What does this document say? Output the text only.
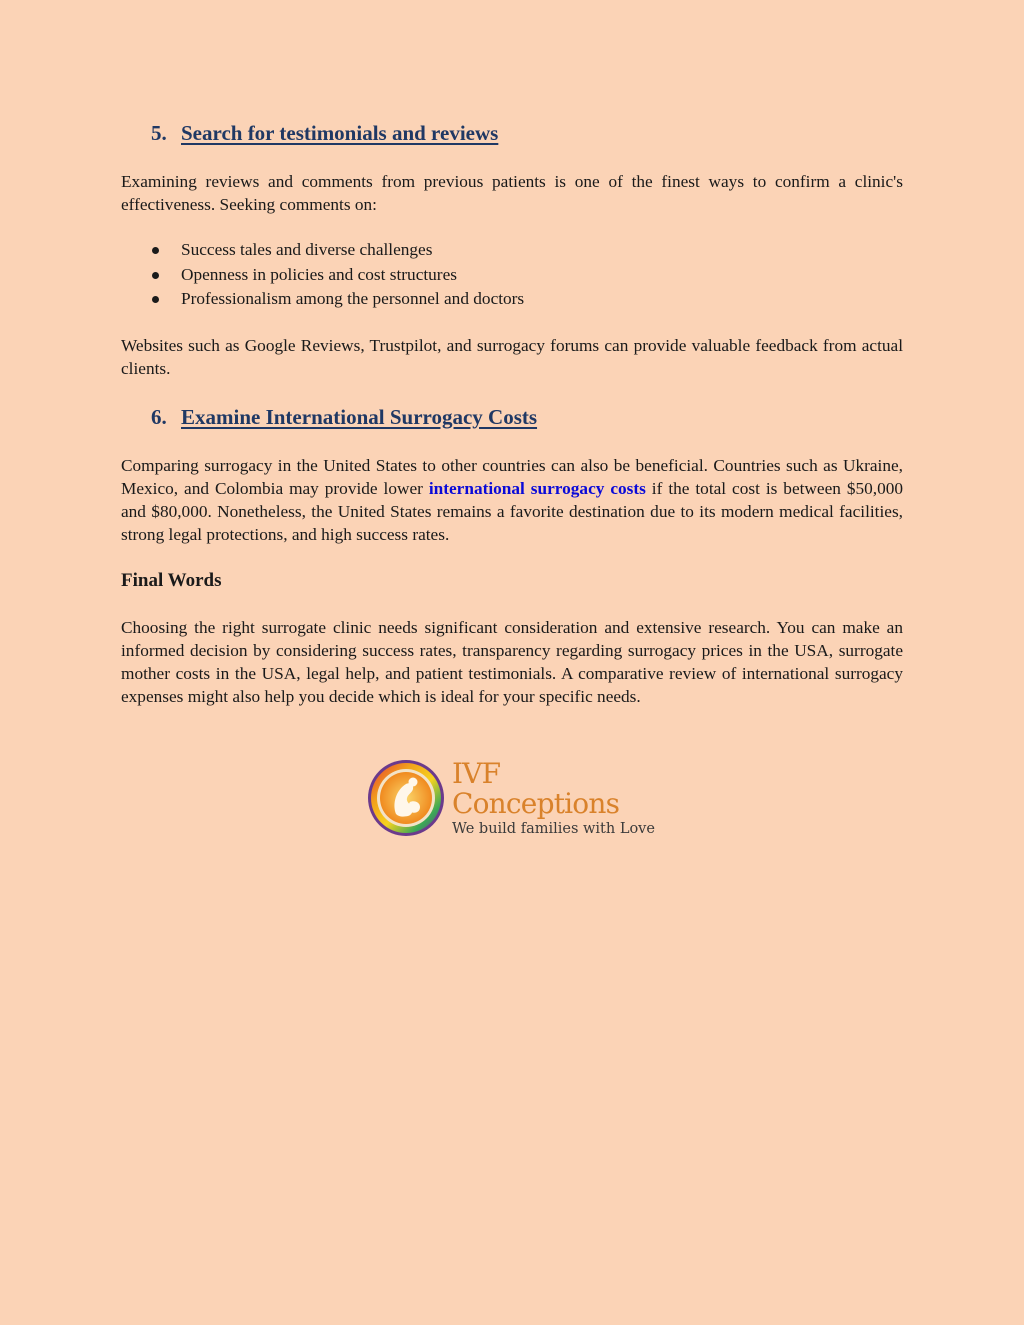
5. Search for testimonials and reviews

Examining reviews and comments from previous patients is one of the finest ways to confirm a clinic's effectiveness. Seeking comments on:

Success tales and diverse challenges
Openness in policies and cost structures
Professionalism among the personnel and doctors

Websites such as Google Reviews, Trustpilot, and surrogacy forums can provide valuable feedback from actual clients.

6. Examine International Surrogacy Costs

Comparing surrogacy in the United States to other countries can also be beneficial. Countries such as Ukraine, Mexico, and Colombia may provide lower international surrogacy costs if the total cost is between $50,000 and $80,000. Nonetheless, the United States remains a favorite destination due to its modern medical facilities, strong legal protections, and high success rates.

Final Words

Choosing the right surrogate clinic needs significant consideration and extensive research. You can make an informed decision by considering success rates, transparency regarding surrogacy prices in the USA, surrogate mother costs in the USA, legal help, and patient testimonials. A comparative review of international surrogacy expenses might also help you decide which is ideal for your specific needs.

IVF Conceptions
We build families with Love
